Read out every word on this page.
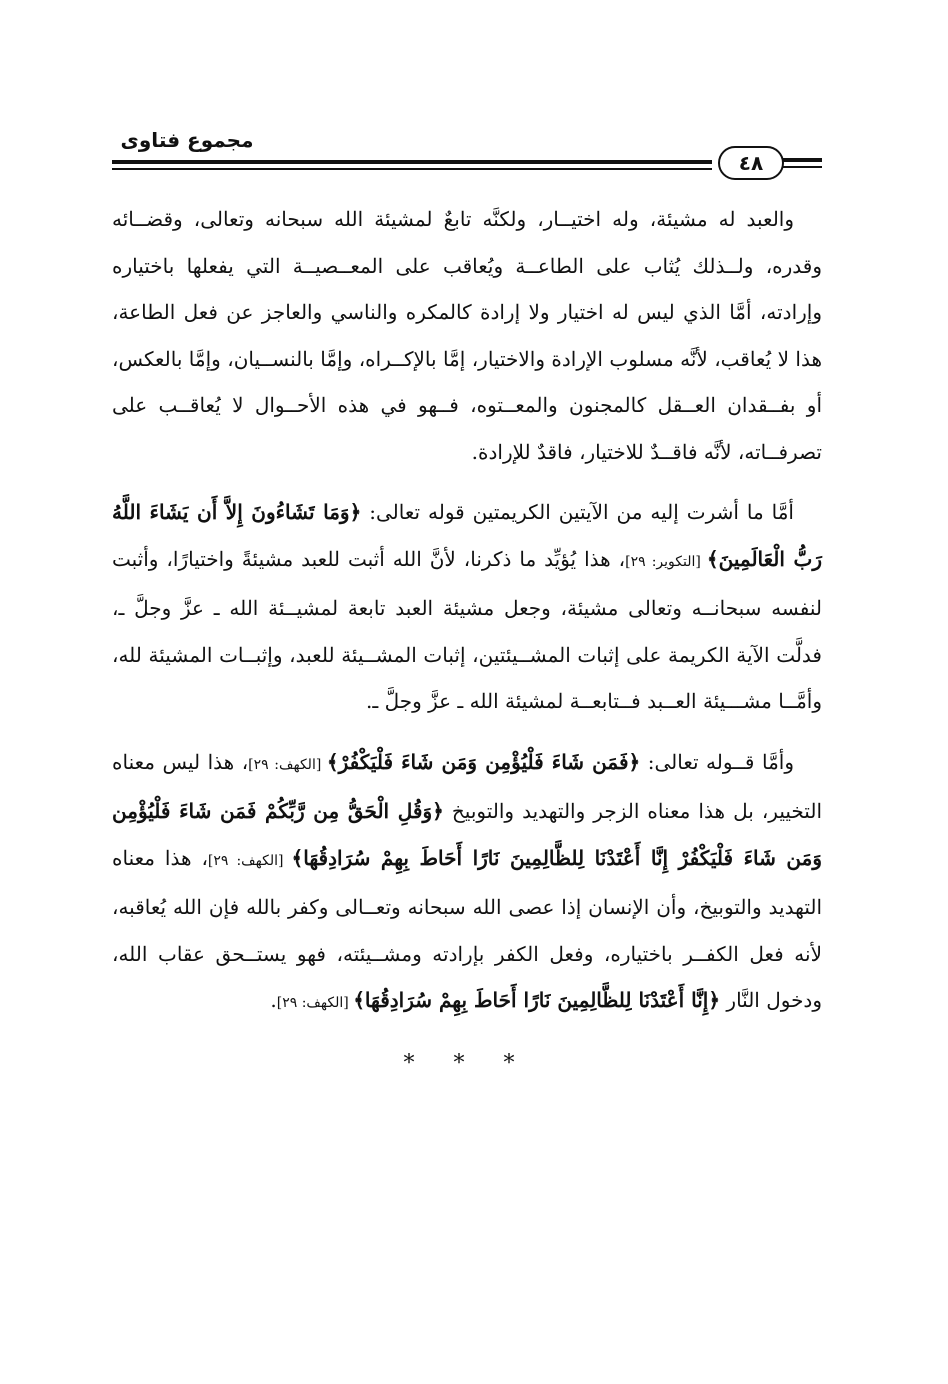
مجموع فتاوى
٤٨

والعبد له مشيئة، وله اختيــار، ولكنَّه تابعٌ لمشيئة الله سبحانه وتعالى، وقضــائه وقدره، ولــذلك يُثاب على الطاعــة ويُعاقب على المعــصيــة التي يفعلها باختياره وإرادته، أمَّا الذي ليس له اختيار ولا إرادة كالمكره والناسي والعاجز عن فعل الطاعة، هذا لا يُعاقب، لأنَّه مسلوب الإرادة والاختيار، إمَّا بالإكــراه، وإمَّا بالنســيان، وإمَّا بالعكس، أو بفــقدان العــقل كالمجنون والمعــتوه، فــهو في هذه الأحــوال لا يُعاقــب على تصرفــاته، لأنَّه فاقــدٌ للاختيار، فاقدٌ للإرادة.

أمَّا ما أشرت إليه من الآيتين الكريمتين قوله تعالى: ﴿وَمَا تَشَاءُونَ إِلاَّ أَن يَشَاءَ اللَّهُ رَبُّ الْعَالَمِينَ﴾ [التكوير: ٢٩]، هذا يُؤيِّد ما ذكرنا، لأنَّ الله أثبت للعبد مشيئةً واختيارًا، وأثبت لنفسه سبحانــه وتعالى مشيئة، وجعل مشيئة العبد تابعة لمشيــئة الله ـ عزَّ وجلَّ ـ، فدلَّت الآية الكريمة على إثبات المشــيئتين، إثبات المشــيئة للعبد، وإثبــات المشيئة لله، وأمَّــا مشـــيئة العــبد فــتابعــة لمشيئة الله ـ عزَّ وجلَّ ـ.

وأمَّا قــوله تعالى: ﴿فَمَن شَاءَ فَلْيُؤْمِن وَمَن شَاءَ فَلْيَكْفُرْ﴾ [الكهف: ٢٩]، هذا ليس معناه التخيير، بل هذا معناه الزجر والتهديد والتوبيخ ﴿وَقُلِ الْحَقُّ مِن رَّبِّكُمْ فَمَن شَاءَ فَلْيُؤْمِن وَمَن شَاءَ فَلْيَكْفُرْ إِنَّا أَعْتَدْنَا لِلظَّالِمِينَ نَارًا أَحَاطَ بِهِمْ سُرَادِقُهَا﴾ [الكهف: ٢٩]، هذا معناه التهديد والتوبيخ، وأن الإنسان إذا عصى الله سبحانه وتعــالى وكفر بالله فإن الله يُعاقبه، لأنه فعل الكفــر باختياره، وفعل الكفر بإرادته ومشــيئته، فهو يستــحق عقاب الله، ودخول النَّار ﴿إِنَّا أَعْتَدْنَا لِلظَّالِمِينَ نَارًا أَحَاطَ بِهِمْ سُرَادِقُهَا﴾ [الكهف: ٢٩].

* * *
